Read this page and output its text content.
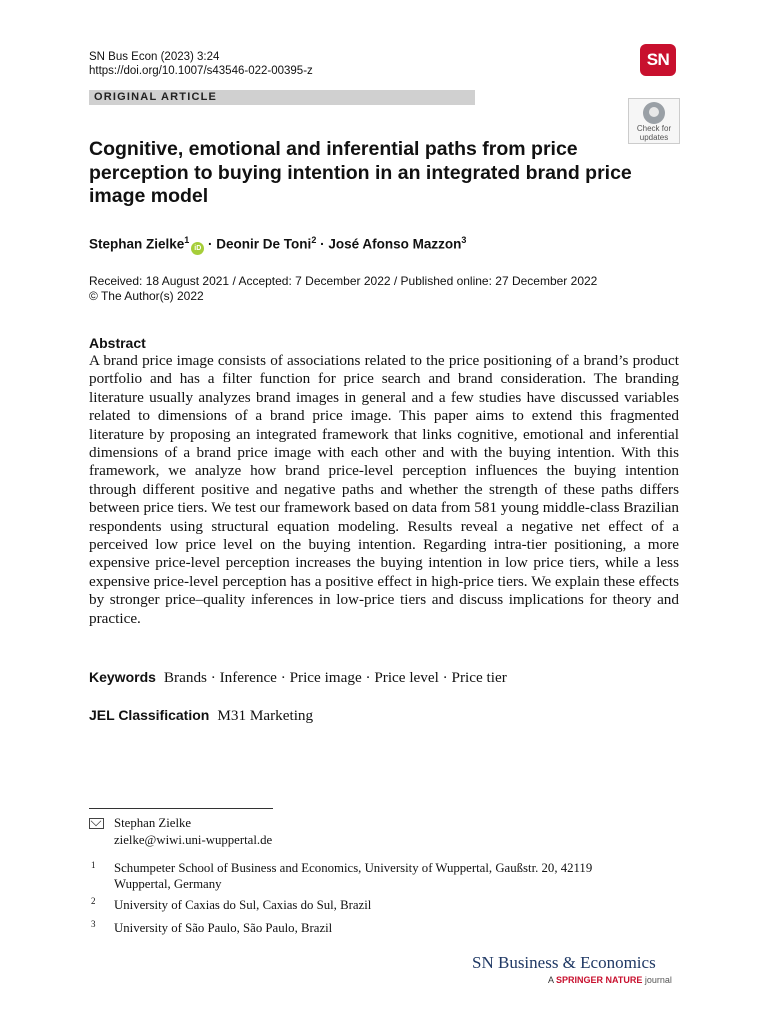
SN Bus Econ (2023) 3:24
https://doi.org/10.1007/s43546-022-00395-z
SN
ORIGINAL ARTICLE
Check for
updates
Cognitive, emotional and inferential paths from price perception to buying intention in an integrated brand price image model
Stephan Zielke$^1$iD · Deonir De Toni$^2$ · José Afonso Mazzon$^3$
Received: 18 August 2021 / Accepted: 7 December 2022 / Published online: 27 December 2022
© The Author(s) 2022
Abstract
A brand price image consists of associations related to the price positioning of a brand’s product portfolio and has a filter function for price search and brand consideration. The branding literature usually analyzes brand images in general and a few studies have discussed variables related to dimensions of a brand price image. This paper aims to extend this fragmented literature by proposing an integrated framework that links cognitive, emotional and inferential dimensions of a brand price image with each other and with the buying intention. With this framework, we analyze how brand price-level perception influences the buying intention through different positive and negative paths and whether the strength of these paths differs between price tiers. We test our framework based on data from 581 young middle-class Brazilian respondents using structural equation modeling. Results reveal a negative net effect of a perceived low price level on the buying intention. Regarding intra-tier positioning, a more expensive price-level perception increases the buying intention in low price tiers, while a less expensive price-level perception has a positive effect in high-price tiers. We explain these effects by stronger price–quality inferences in low-price tiers and discuss implications for theory and practice.
Keywords Brands · Inference · Price image · Price level · Price tier
JEL Classification M31 Marketing
Stephan Zielke
zielke@wiwi.uni-wuppertal.de
1 Schumpeter School of Business and Economics, University of Wuppertal, Gaußstr. 20, 42119 Wuppertal, Germany
2 University of Caxias do Sul, Caxias do Sul, Brazil
3 University of São Paulo, São Paulo, Brazil
SN Business & Economics
A SPRINGER NATURE journal
